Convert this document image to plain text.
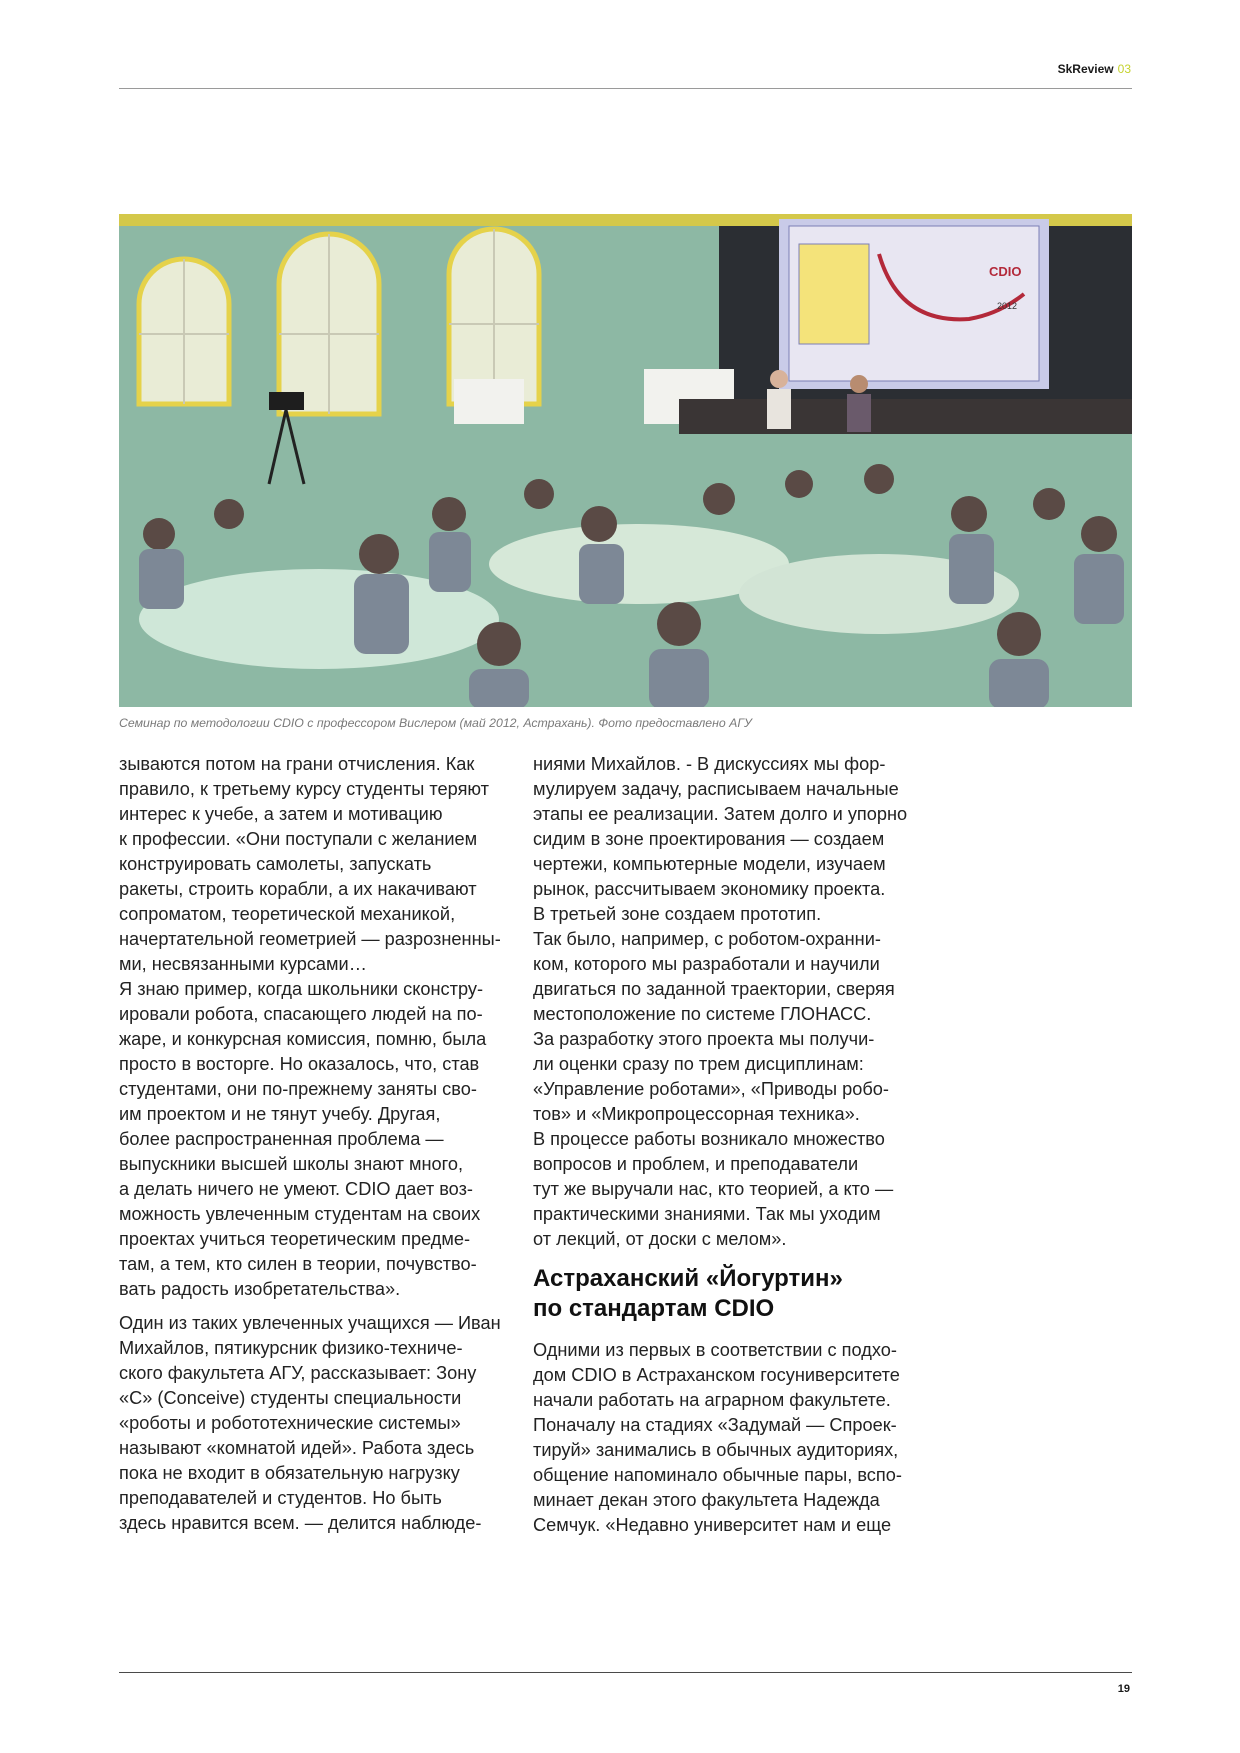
SkReview 03
CDIO
2012
Семинар по методологии CDIO с профессором Вислером (май 2012, Астрахань). Фото предоставлено АГУ
зываются потом на грани отчисления. Как
правило, к третьему курсу студенты теряют
интерес к учебе, а затем и мотивацию
к профессии. «Они поступали с желанием
конструировать самолеты, запускать
ракеты, строить корабли, а их накачивают
сопроматом, теоретической механикой,
начертательной геометрией — разрозненны-
ми, несвязанными курсами…
Я знаю пример, когда школьники сконстру-
ировали робота, спасающего людей на по-
жаре, и конкурсная комиссия, помню, была
просто в восторге. Но оказалось, что, став
студентами, они по-прежнему заняты сво-
им проектом и не тянут учебу. Другая,
более распространенная проблема —
выпускники высшей школы знают много,
а делать ничего не умеют. CDIO дает воз-
можность увлеченным студентам на своих
проектах учиться теоретическим предме-
там, а тем, кто силен в теории, почувство-
вать радость изобретательства».
Один из таких увлеченных учащихся — Иван
Михайлов, пятикурсник физико-техниче-
ского факультета АГУ, рассказывает: Зону
«С» (Conceive) студенты специальности
«роботы и робототехнические системы»
называют «комнатой идей». Работа здесь
пока не входит в обязательную нагрузку
преподавателей и студентов. Но быть
здесь нравится всем. — делится наблюде-
ниями Михайлов. - В дискуссиях мы фор-
мулируем задачу, расписываем начальные
этапы ее реализации. Затем долго и упорно
сидим в зоне проектирования — создаем
чертежи, компьютерные модели, изучаем
рынок, рассчитываем экономику проекта.
В третьей зоне создаем прототип.
Так было, например, с роботом-охранни-
ком, которого мы разработали и научили
двигаться по заданной траектории, сверяя
местоположение по системе ГЛОНАСС.
За разработку этого проекта мы получи-
ли оценки сразу по трем дисциплинам:
«Управление роботами», «Приводы робо-
тов» и «Микропроцессорная техника».
В процессе работы возникало множество
вопросов и проблем, и преподаватели
тут же выручали нас, кто теорией, а кто —
практическими знаниями. Так мы уходим
от лекций, от доски с мелом».
Астраханский «Йогуртин»
по стандартам CDIO
Одними из первых в соответствии с подхо-
дом CDIO в Астраханском госуниверситете
начали работать на аграрном факультете.
Поначалу на стадиях «Задумай — Спроек-
тируй» занимались в обычных аудиториях,
общение напоминало обычные пары, вспо-
минает декан этого факультета Надежда
Семчук. «Недавно университет нам и еще
19
